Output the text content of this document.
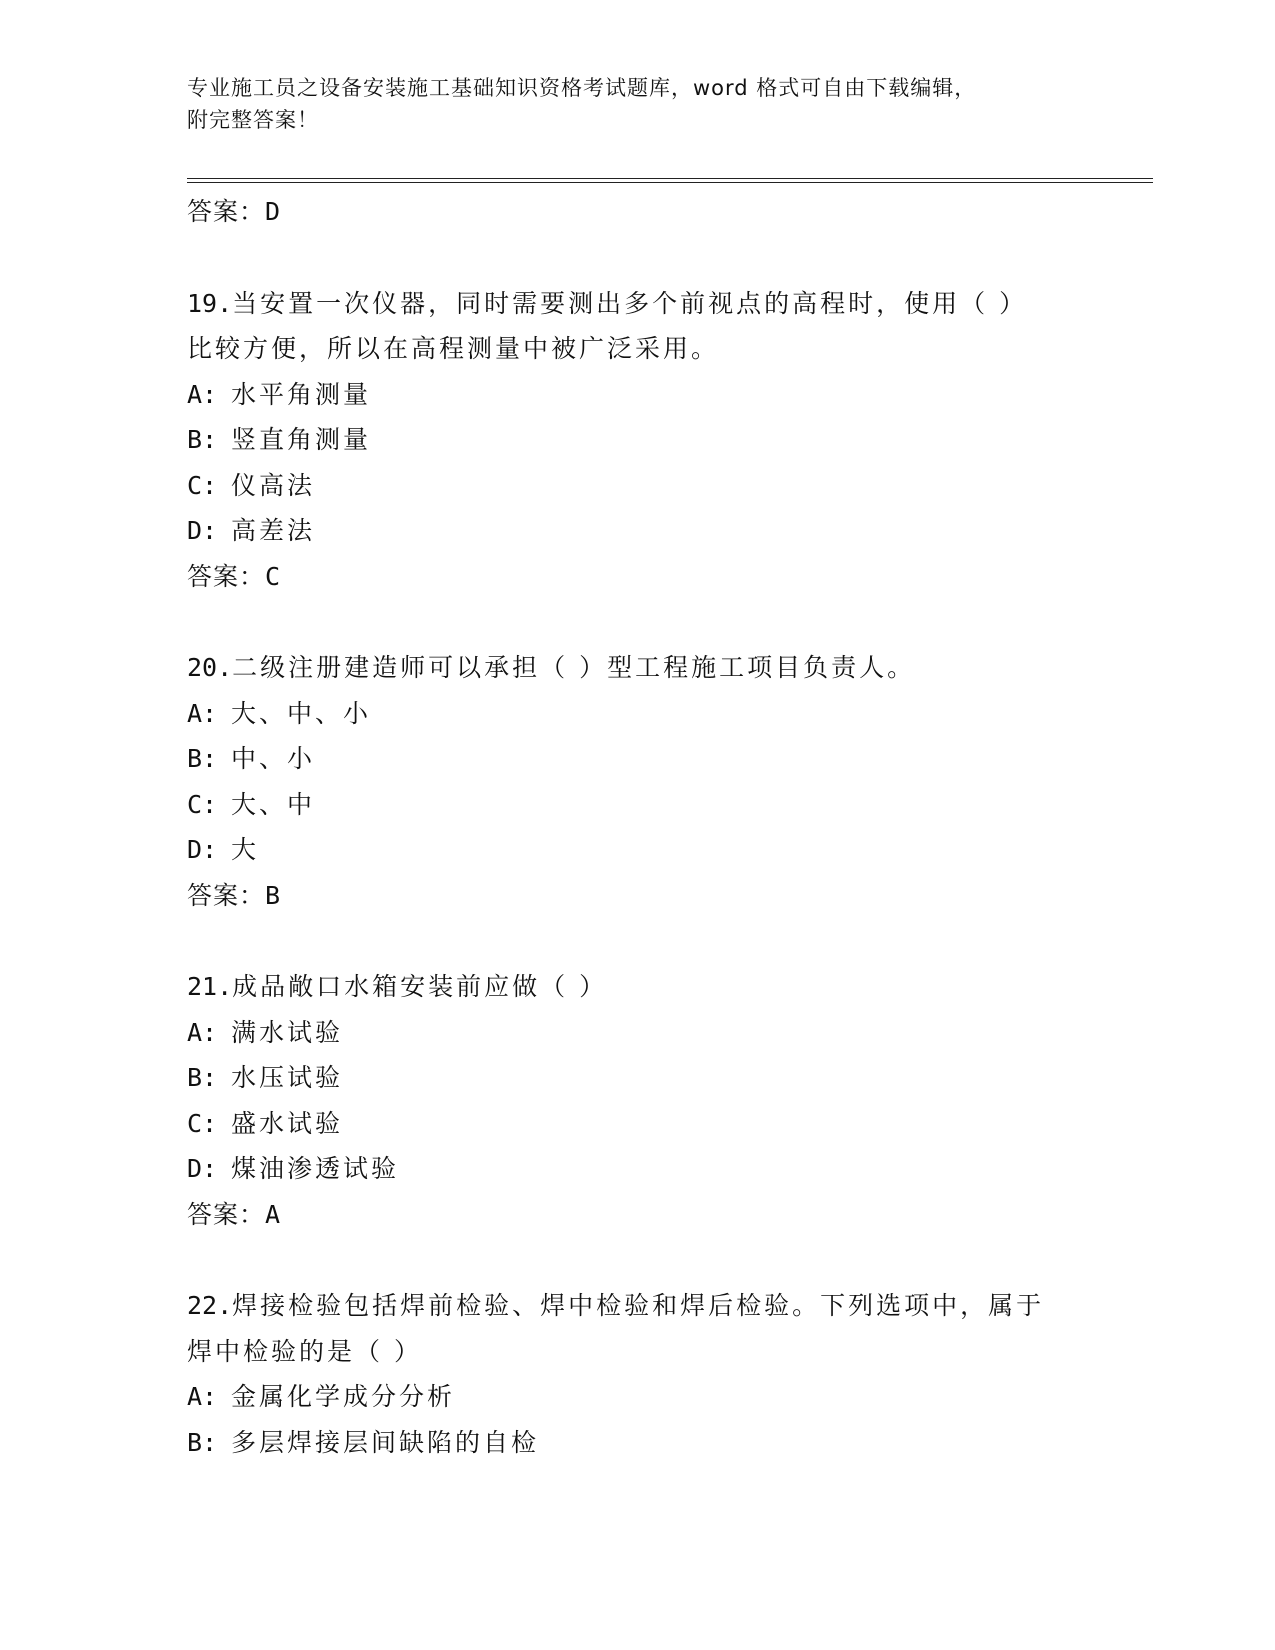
专业施工员之设备安装施工基础知识资格考试题库，word 格式可自由下载编辑，
附完整答案！
答案：D
19.当安置一次仪器，同时需要测出多个前视点的高程时，使用（ ）
比较方便，所以在高程测量中被广泛采用。
A: 水平角测量
B: 竖直角测量
C: 仪高法
D: 高差法
答案：C
20.二级注册建造师可以承担（ ）型工程施工项目负责人。
A: 大、中、小
B: 中、小
C: 大、中
D: 大
答案：B
21.成品敞口水箱安装前应做（ ）
A: 满水试验
B: 水压试验
C: 盛水试验
D: 煤油渗透试验
答案：A
22.焊接检验包括焊前检验、焊中检验和焊后检验。下列选项中，属于
焊中检验的是（ ）
A: 金属化学成分分析
B: 多层焊接层间缺陷的自检
